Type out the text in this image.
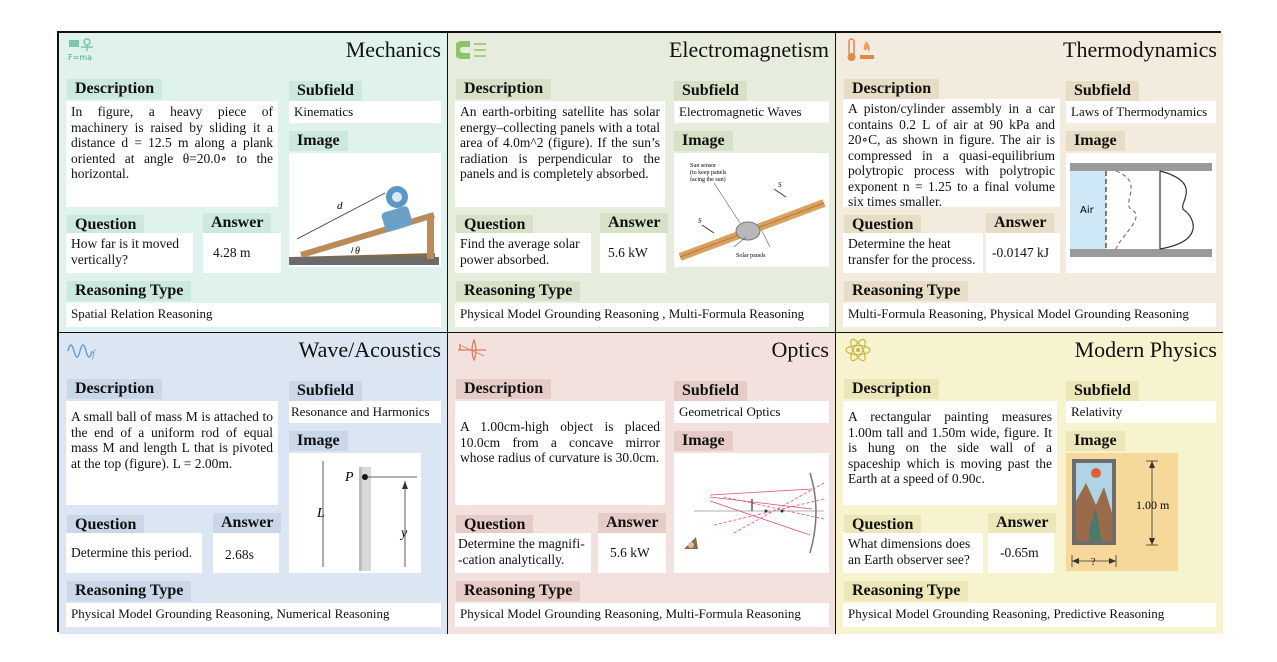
F=ma	Mechanics
Description
In figure, a heavy piece of machinery is raised by sliding it a distance d = 12.5 m along a plank oriented at angle θ=20.0∘ to the horizontal.
Subfield
Kinematics
Image
d
θ
Question
How far is it moved vertically?
Answer
4.28 m
Reasoning Type
Spatial Relation Reasoning
Electromagnetism
Description
An earth-orbiting satellite has solar energy–collecting panels with a total area of 4.0m^2 (figure). If the sun’s radiation is perpendicular to the panels and is completely absorbed.
Subfield
Electromagnetic Waves
Image
Sun sensor (to keep panels facing the sun)
S⃗
S⃗
Solar panels
Question
Find the average solar power absorbed.
Answer
5.6 kW
Reasoning Type
Physical Model Grounding Reasoning , Multi-Formula Reasoning
Thermodynamics
Description
A piston/cylinder assembly in a car contains 0.2 L of air at 90 kPa and 20∘C, as shown in figure. The air is compressed in a quasi-equilibrium polytropic process with polytropic exponent n = 1.25 to a final volume six times smaller.
Subfield
Laws of Thermodynamics
Image
Air
Question
Determine the heat transfer for the process.
Answer
-0.0147 kJ
Reasoning Type
Multi-Formula Reasoning, Physical Model Grounding Reasoning
f	Wave/Acoustics
Description
A small ball of mass M is attached to the end of a uniform rod of equal mass M and length L that is pivoted at the top (figure). L = 2.00m.
Subfield
Resonance and Harmonics
Image
L
P
y
Question
Determine this period.
Answer
2.68s
Reasoning Type
Physical Model Grounding Reasoning, Numerical Reasoning
Optics
Description
A 1.00cm-high object is placed 10.0cm from a concave mirror whose radius of curvature is 30.0cm.
Subfield
Geometrical Optics
Image
Question
Determine the magnifi--cation analytically.
Answer
5.6 kW
Reasoning Type
Physical Model Grounding Reasoning, Multi-Formula Reasoning
Modern Physics
Description
A rectangular painting measures 1.00m tall and 1.50m wide, figure. It is hung on the side wall of a spaceship which is moving past the Earth at a speed of 0.90c.
Subfield
Relativity
Image
1.00 m
?
Question
What dimensions does an Earth observer see?
Answer
-0.65m
Reasoning Type
Physical Model Grounding Reasoning, Predictive Reasoning
